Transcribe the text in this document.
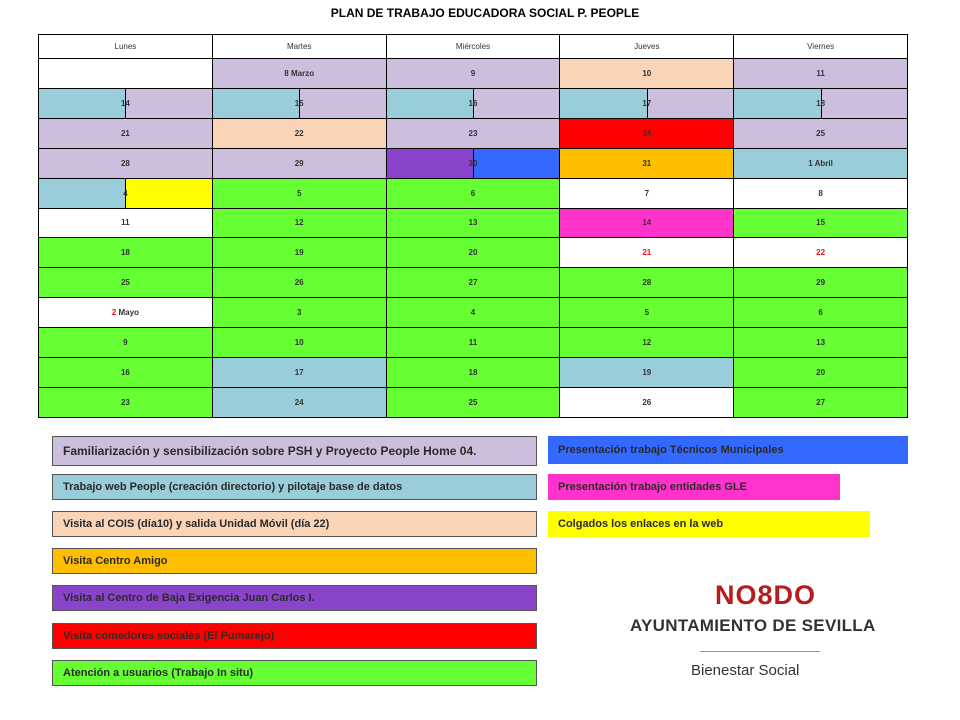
PLAN DE TRABAJO EDUCADORA SOCIAL P. PEOPLE
Lunes	Martes	Miércoles	Jueves	Viernes
	8 Marzo	9	10	11

14	15	16	17	18
21	22	23	24	25
28	29	30	31	1 Abril

4	5	6	7	8
11	12	13	14	15
18	19	20	21	22
25	26	27	28	29
2 Mayo	3	4	5	6
9	10	11	12	13
16	17	18	19	20
23	24	25	26	27
Familiarización y sensibilización sobre PSH y Proyecto People Home 04.
Trabajo web People (creación directorio) y pilotaje base de datos
Visita al COIS (día10) y salida Unidad Móvil (día 22)
Visita Centro Amigo
Visita al Centro de Baja Exigencia Juan Carlos I.
Visita comedores sociales (El Pumarejo)
Atención a usuarios (Trabajo In situ)
Presentación trabajo Técnicos Municipales
Presentación trabajo entidades GLE
Colgados los enlaces en la web
NO8DO
AYUNTAMIENTO DE SEVILLA
Bienestar Social
